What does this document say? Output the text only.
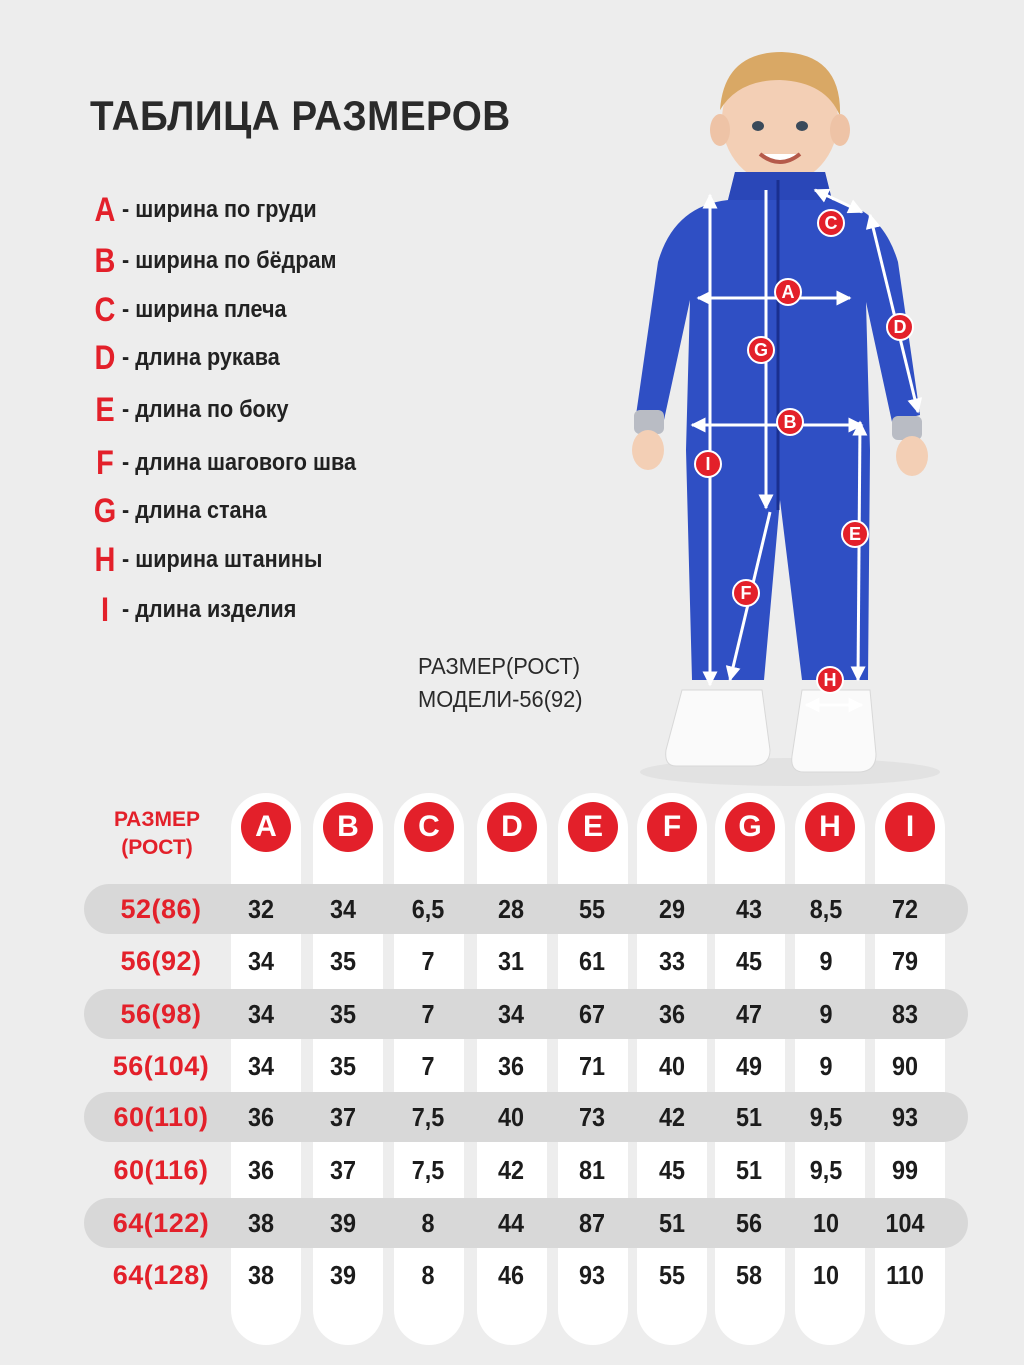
ТАБЛИЦА РАЗМЕРОВ
A - ширина по груди
B - ширина по бёдрам
C - ширина плеча
D - длина рукава
E - длина по боку
F - длина шагового шва
G - длина стана
H - ширина штанины
I - длина изделия
РАЗМЕР(РОСТ)
МОДЕЛИ-56(92)
C
A
D
G
B
I
E
F
H
РАЗМЕР
(РОСТ)
A	B	C	D	E	F	G	H	I
52(86)	32	34	6,5	28	55	29	43	8,5	72
56(92)	34	35	7	31	61	33	45	9	79
56(98)	34	35	7	34	67	36	47	9	83
56(104)	34	35	7	36	71	40	49	9	90
60(110)	36	37	7,5	40	73	42	51	9,5	93
60(116)	36	37	7,5	42	81	45	51	9,5	99
64(122)	38	39	8	44	87	51	56	10	104
64(128)	38	39	8	46	93	55	58	10	110
